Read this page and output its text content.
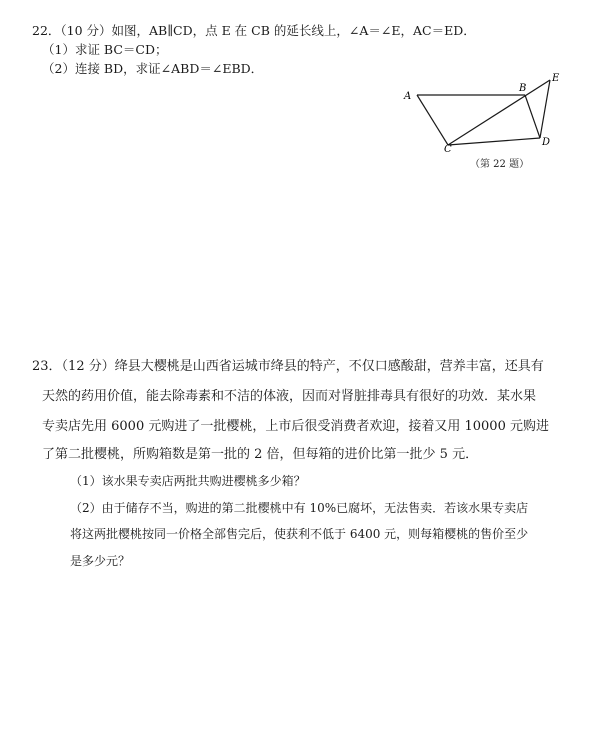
22．（10 分）如图，AB∥CD，点 E 在 CB 的延长线上，∠A＝∠E，AC＝ED．
（1）求证 BC＝CD；
（2）连接 BD，求证∠ABD＝∠EBD．
A
B
C
D
E
（第 22 题）
23．（12 分）绛县大樱桃是山西省运城市绛县的特产，不仅口感酸甜，营养丰富，还具有
天然的药用价值，能去除毒素和不洁的体液，因而对肾脏排毒具有很好的功效．某水果
专卖店先用 6000 元购进了一批樱桃，上市后很受消费者欢迎，接着又用 10000 元购进
了第二批樱桃，所购箱数是第一批的 2 倍，但每箱的进价比第一批少 5 元．
（1）该水果专卖店两批共购进樱桃多少箱？
（2）由于储存不当，购进的第二批樱桃中有 10%已腐坏，无法售卖．若该水果专卖店
将这两批樱桃按同一价格全部售完后，使获利不低于 6400 元，则每箱樱桃的售价至少
是多少元？
